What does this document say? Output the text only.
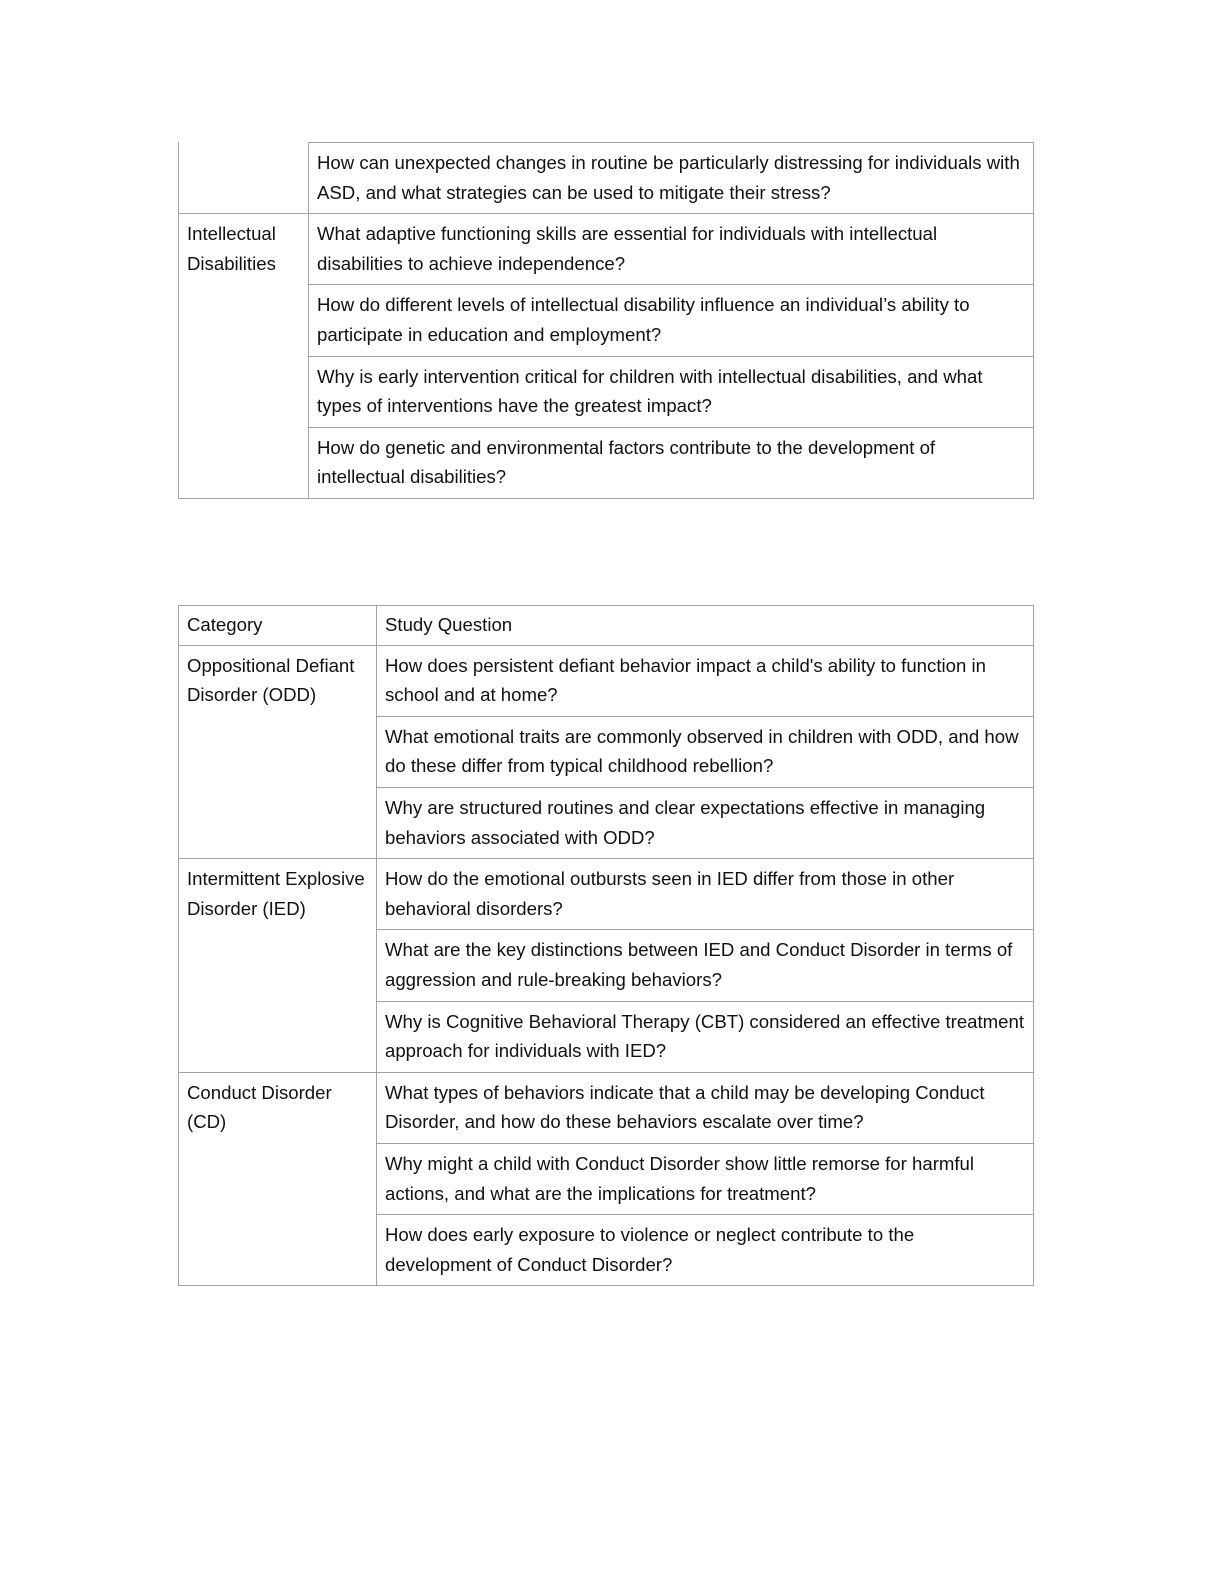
	How can unexpected changes in routine be particularly distressing for individuals with ASD, and what strategies can be used to mitigate their stress?
Intellectual Disabilities	What adaptive functioning skills are essential for individuals with intellectual disabilities to achieve independence?
	How do different levels of intellectual disability influence an individual’s ability to participate in education and employment?
	Why is early intervention critical for children with intellectual disabilities, and what types of interventions have the greatest impact?
	How do genetic and environmental factors contribute to the development of intellectual disabilities?
Category	Study Question
Oppositional Defiant Disorder (ODD)	How does persistent defiant behavior impact a child's ability to function in school and at home?
	What emotional traits are commonly observed in children with ODD, and how do these differ from typical childhood rebellion?
	Why are structured routines and clear expectations effective in managing behaviors associated with ODD?
Intermittent Explosive Disorder (IED)	How do the emotional outbursts seen in IED differ from those in other behavioral disorders?
	What are the key distinctions between IED and Conduct Disorder in terms of aggression and rule-breaking behaviors?
	Why is Cognitive Behavioral Therapy (CBT) considered an effective treatment approach for individuals with IED?
Conduct Disorder (CD)	What types of behaviors indicate that a child may be developing Conduct Disorder, and how do these behaviors escalate over time?
	Why might a child with Conduct Disorder show little remorse for harmful actions, and what are the implications for treatment?
	How does early exposure to violence or neglect contribute to the development of Conduct Disorder?
